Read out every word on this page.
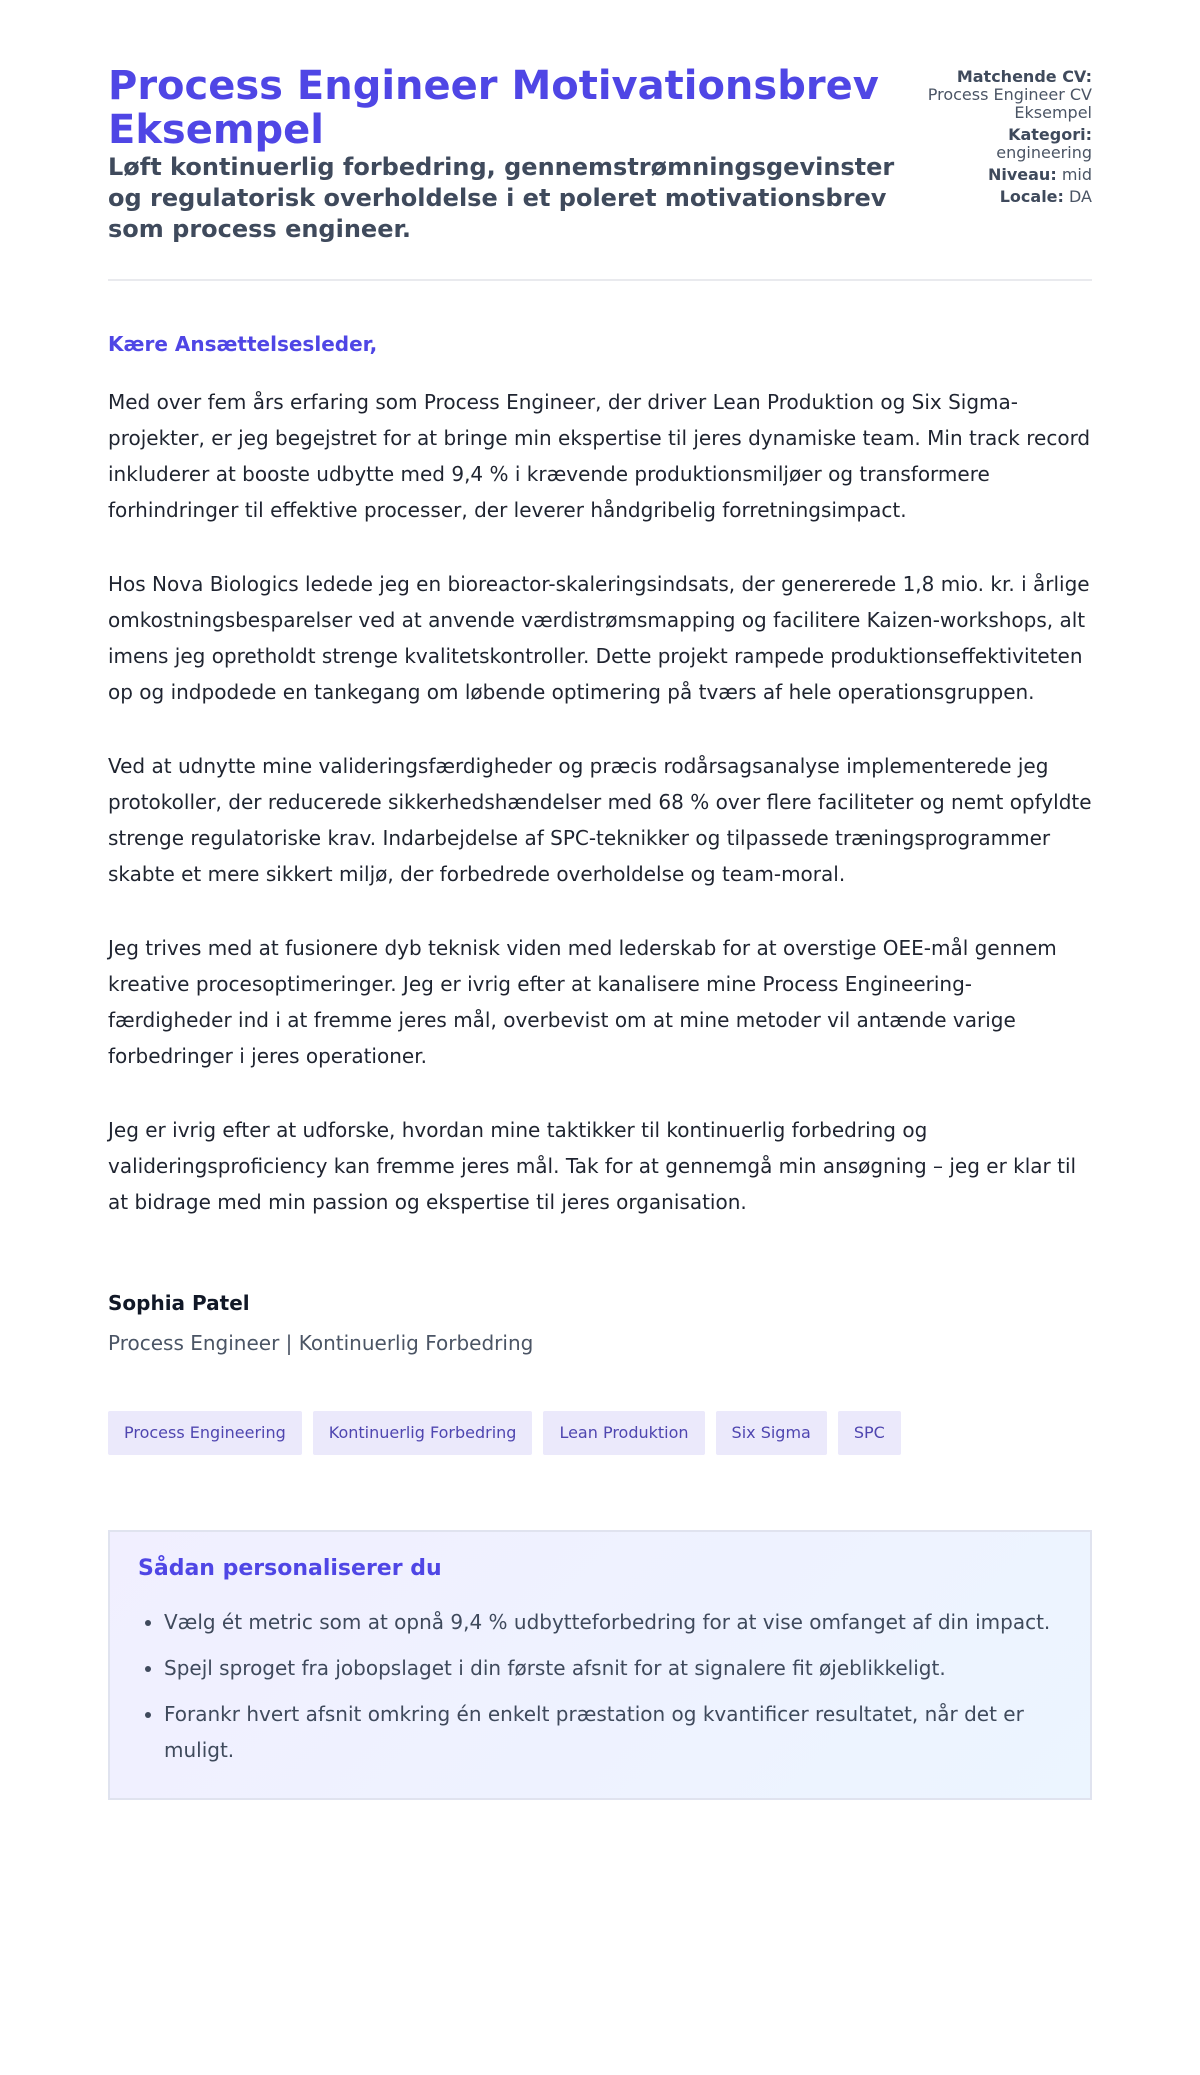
Process Engineer Motivationsbrev Eksempel
Løft kontinuerlig forbedring, gennemstrømningsgevinster og regulatorisk overholdelse i et poleret motivationsbrev som process engineer.
Matchende CV:
Process Engineer CV Eksempel
Kategori:
engineering
Niveau: mid
Locale: DA
Kære Ansættelsesleder,

Med over fem års erfaring som Process Engineer, der driver Lean Produktion og Six Sigma-projekter, er jeg begejstret for at bringe min ekspertise til jeres dynamiske team. Min track record inkluderer at booste udbytte med 9,4 % i krævende produktionsmiljøer og transformere forhindringer til effektive processer, der leverer håndgribelig forretningsimpact.

Hos Nova Biologics ledede jeg en bioreactor-skaleringsindsats, der genererede 1,8 mio. kr. i årlige omkostningsbesparelser ved at anvende værdistrømsmapping og facilitere Kaizen-workshops, alt imens jeg opretholdt strenge kvalitetskontroller. Dette projekt rampede produktionseffektiviteten op og indpodede en tankegang om løbende optimering på tværs af hele operationsgruppen.

Ved at udnytte mine valideringsfærdigheder og præcis rodårsagsanalyse implementerede jeg protokoller, der reducerede sikkerhedshændelser med 68 % over flere faciliteter og nemt opfyldte strenge regulatoriske krav. Indarbejdelse af SPC-teknikker og tilpassede træningsprogrammer skabte et mere sikkert miljø, der forbedrede overholdelse og team-moral.

Jeg trives med at fusionere dyb teknisk viden med lederskab for at overstige OEE-mål gennem kreative procesoptimeringer. Jeg er ivrig efter at kanalisere mine Process Engineering-færdigheder ind i at fremme jeres mål, overbevist om at mine metoder vil antænde varige forbedringer i jeres operationer.

Jeg er ivrig efter at udforske, hvordan mine taktikker til kontinuerlig forbedring og valideringsproficiency kan fremme jeres mål. Tak for at gennemgå min ansøgning – jeg er klar til at bidrage med min passion og ekspertise til jeres organisation.

Sophia Patel
Process Engineer | Kontinuerlig Forbedring
Process Engineering	Kontinuerlig Forbedring	Lean Produktion	Six Sigma	SPC
Sådan personaliserer du
• Vælg ét metric som at opnå 9,4 % udbytteforbedring for at vise omfanget af din impact.
• Spejl sproget fra jobopslaget i din første afsnit for at signalere fit øjeblikkeligt.
• Forankr hvert afsnit omkring én enkelt præstation og kvantificer resultatet, når det er muligt.
